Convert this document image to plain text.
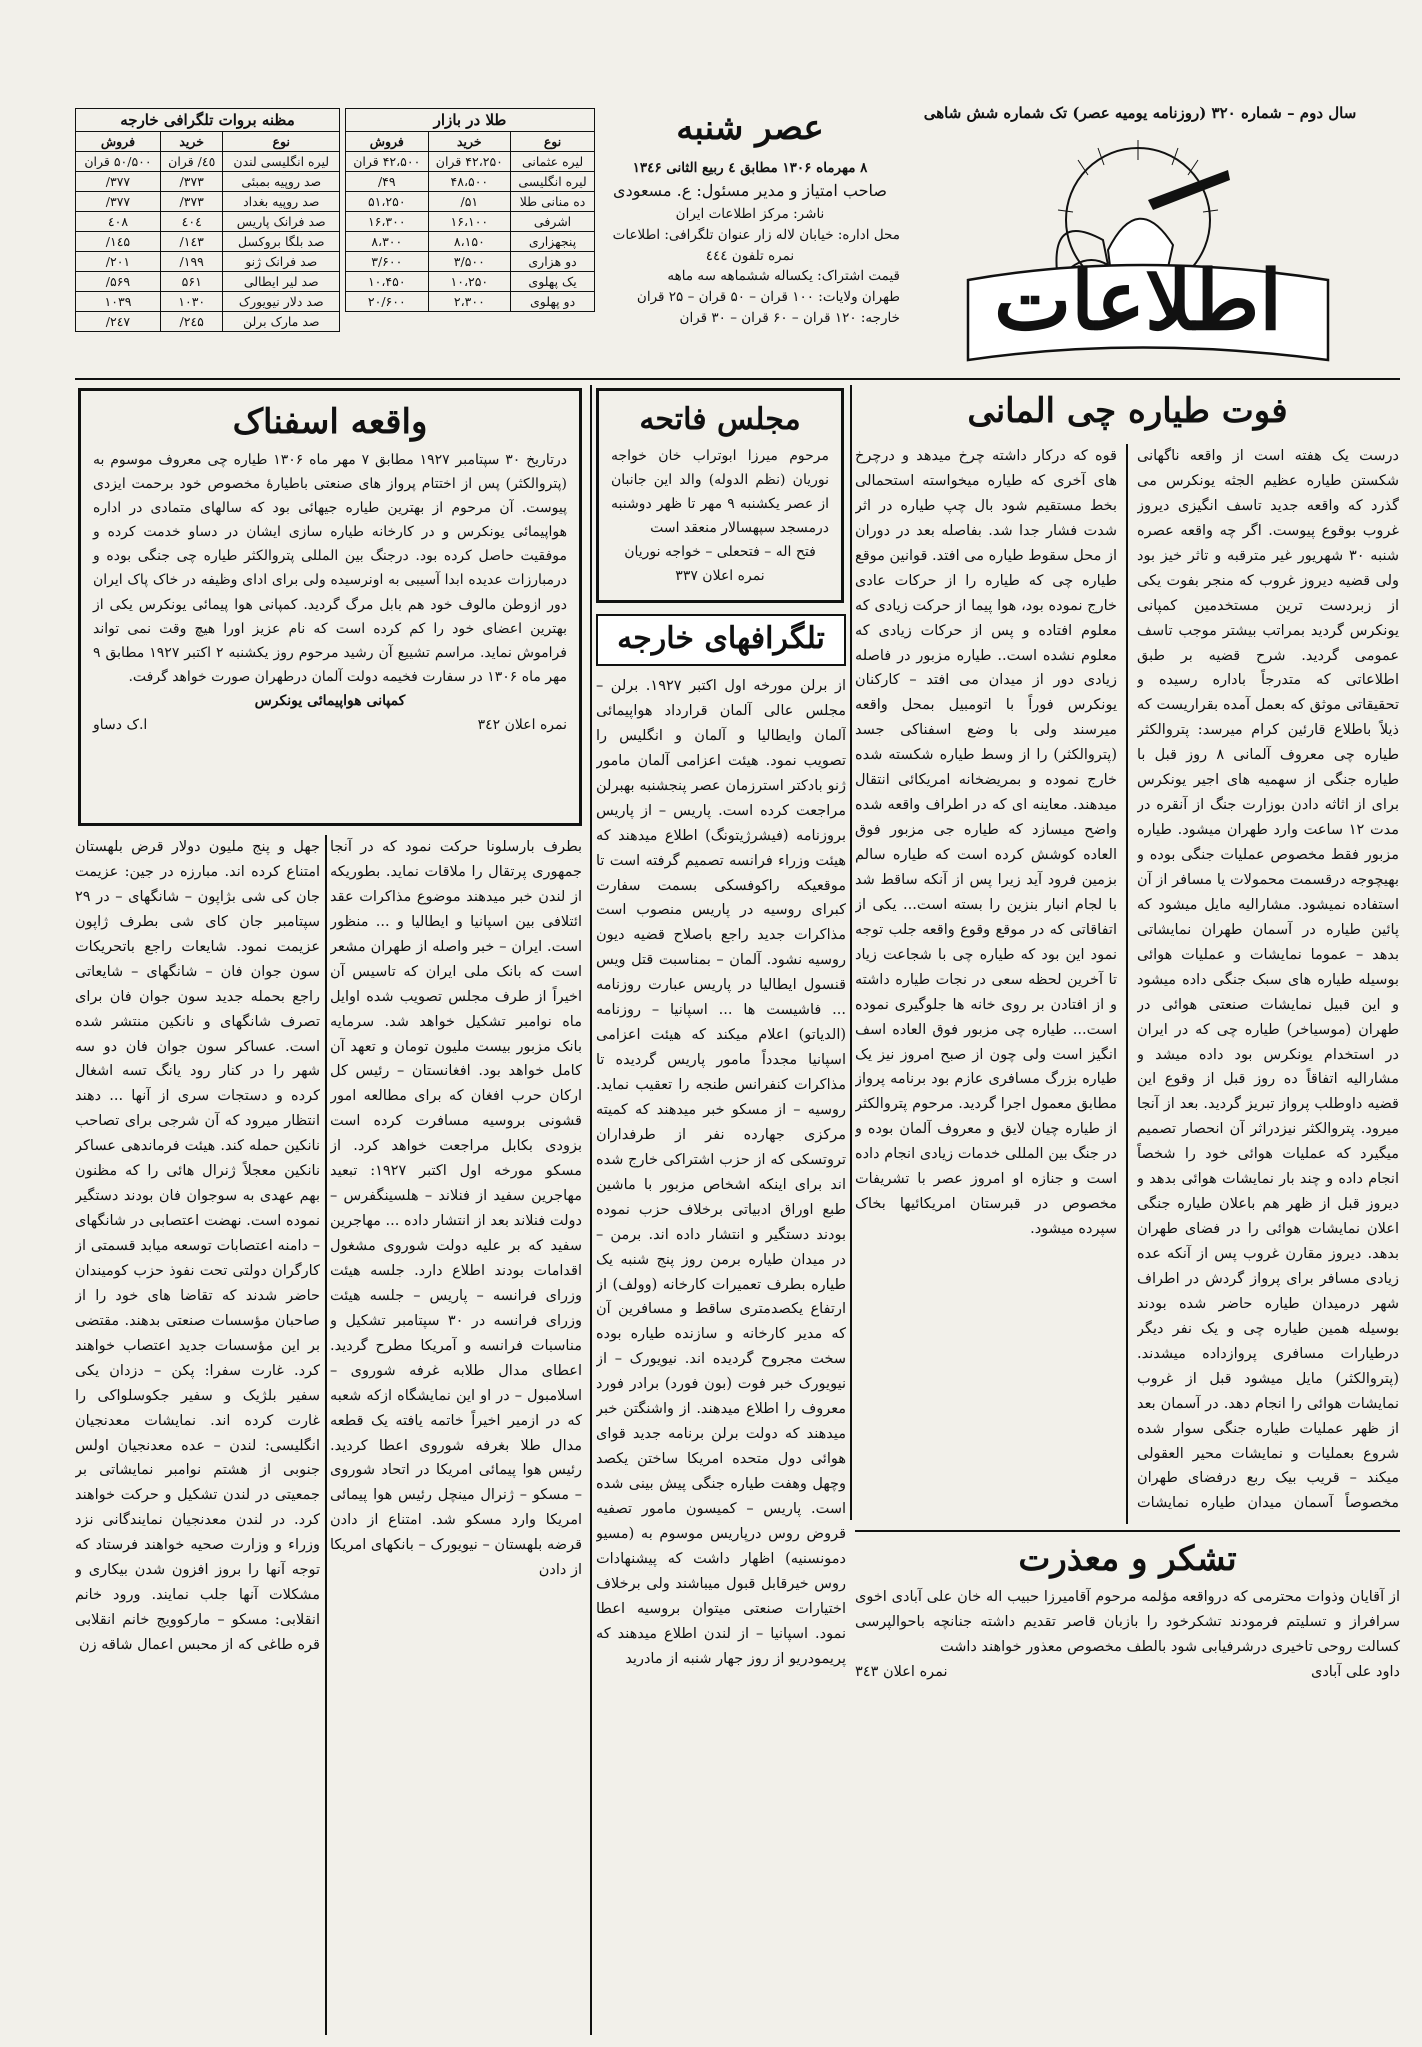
سال دوم – شماره ۳۲۰ (روزنامه یومیه عصر) تک شماره شش شاهی
اطلاعات
عصر شنبه
۸ مهرماه ۱۳۰۶ مطابق ٤ ربیع الثانی ۱۳٤۶
صاحب امتیاز و مدیر مسئول: ع. مسعودی
ناشر: مرکز اطلاعات ایران
محل اداره: خیابان لاله زار عنوان تلگرافی: اطلاعات
نمره تلفون ٤٤٤
قیمت اشتراک: یکساله ششماهه سه ماهه
طهران ولایات: ۱۰۰ قران – ۵۰ قران – ۲۵ قران
خارجه: ۱۲۰ قران – ۶۰ قران – ۳۰ قران
طلا در بازار
نوع	خرید	فروش
لیره عثمانی	۴۲،۲۵۰ قران	۴۲،۵۰۰ قران
لیره انگلیسی	۴۸،۵۰۰	۴۹/
ده منانی طلا	۵۱/	۵۱،۲۵۰
اشرفی	۱۶،۱۰۰	۱۶،۳۰۰
پنجهزاری	۸،۱۵۰	۸،۳۰۰
دو هزاری	۳/۵۰۰	۳/۶۰۰
یک پهلوی	۱۰،۲۵۰	۱۰،۴۵۰
دو پهلوی	۲،۳۰۰	۲۰/۶۰۰
مظنه بروات تلگرافی خارجه
نوع	خرید	فروش
لیره انگلیسی لندن	٤٥/ قران	۵۰/۵۰۰ قران
صد روپیه بمبئی	۳۷۳/	۳۷۷/
صد روپیه بغداد	۳۷۳/	۳۷۷/
صد فرانک پاریس	٤۰٤	٤۰۸
صد بلگا بروکسل	۱٤۳/	۱٤۵/
صد فرانک ژنو	۱۹۹/	۲۰۱/
صد لیر ایطالی	۵۶۱	۵۶۹/
صد دلار نیویورک	۱۰۳۰	۱۰۳۹
صد مارک برلن	۲٤۵/	۲٤۷/
فوت طیاره چی المانی
قوه که درکار داشته چرخ میدهد و درچرخ های آخری که طیاره میخواسته استحمالی بخط مستقیم شود بال چپ طیاره در اثر شدت فشار جدا شد. بفاصله بعد در دوران از محل سقوط طیاره می افتد. قوانین موقع طیاره چی که طیاره را از حرکات عادی خارج نموده بود، هوا پیما از حرکت زیادی که معلوم افتاده و پس از حرکات زیادی که معلوم نشده است.. طیاره مزبور در فاصله زیادی دور از میدان می افتد – کارکنان یونکرس فوراً با اتومبیل بمحل واقعه میرسند ولی با وضع اسفناکی جسد (پتروالکثر) را از وسط طیاره شکسته شده خارج نموده و بمریضخانه امریکائی انتقال میدهند. معاینه ای که در اطراف واقعه شده واضح میسازد که طیاره جی مزبور فوق العاده کوشش کرده است که طیاره سالم بزمین فرود آید زیرا پس از آنکه ساقط شد با لجام انبار بنزین را بسته است... یکی از اتفاقاتی که در موقع وقوع واقعه جلب توجه نمود این بود که طیاره چی با شجاعت زیاد تا آخرین لحظه سعی در نجات طیاره داشته و از افتادن بر روی خانه ها جلوگیری نموده است... طیاره چی مزبور فوق العاده اسف انگیز است ولی چون از صبح امروز نیز یک طیاره بزرگ مسافری عازم بود برنامه پرواز مطابق معمول اجرا گردید. مرحوم پتروالکثر از طیاره چیان لایق و معروف آلمان بوده و در جنگ بین المللی خدمات زیادی انجام داده است و جنازه او امروز عصر با تشریفات مخصوص در قبرستان امریکائیها بخاک سپرده میشود.
درست یک هفته است از واقعه ناگهانی شکستن طیاره عظیم الجثه یونکرس می گذرد که واقعه جدید تاسف انگیزی دیروز غروب بوقوع پیوست. اگر چه واقعه عصره شنبه ۳۰ شهریور غیر مترقبه و تاثر خیز بود ولی قضیه دیروز غروب که منجر بفوت یکی از زبردست ترین مستخدمین کمپانی یونکرس گردید بمراتب بیشتر موجب تاسف عمومی گردید. شرح قضیه بر طبق اطلاعاتی که متدرجاً باداره رسیده و تحقیقاتی موثق که بعمل آمده بقراریست که ذیلاً باطلاع قارئین کرام میرسد: پتروالکثر طیاره چی معروف آلمانی ۸ روز قبل با طیاره جنگی از سهمیه های اجیر یونکرس برای از اثاثه دادن بوزارت جنگ از آنقره در مدت ۱۲ ساعت وارد طهران میشود. طیاره مزبور فقط مخصوص عملیات جنگی بوده و بهیچوجه درقسمت محمولات یا مسافر از آن استفاده نمیشود. مشارالیه مایل میشود که پائین طیاره در آسمان طهران نمایشاتی بدهد – عموما نمایشات و عملیات هوائی بوسیله طیاره های سبک جنگی داده میشود و این قبیل نمایشات صنعتی هوائی در طهران (موسیاخر) طیاره چی که در ایران در استخدام یونکرس بود داده میشد و مشارالیه اتفاقاً ده روز قبل از وقوع این قضیه داوطلب پرواز تبریز گردید. بعد از آنجا میرود. پتروالکثر نیزدراثر آن انحصار تصمیم میگیرد که عملیات هوائی خود را شخصاً انجام داده و چند بار نمایشات هوائی بدهد و دیروز قبل از ظهر هم باعلان طیاره جنگی اعلان نمایشات هوائی را در فضای طهران بدهد. دیروز مقارن غروب پس از آنکه عده زیادی مسافر برای پرواز گردش در اطراف شهر درمیدان طیاره حاضر شده بودند بوسیله همین طیاره چی و یک نفر دیگر درطیارات مسافری پروازداده میشدند. (پتروالکثر) مایل میشود قبل از غروب نمایشات هوائی را انجام دهد. در آسمان بعد از ظهر عملیات طیاره جنگی سوار شده شروع بعملیات و نمایشات محیر العقولی میکند – قریب بیک ربع درفضای طهران مخصوصاً آسمان میدان طیاره نمایشات
مجلس فاتحه
مرحوم میرزا ابوتراب خان خواجه نوریان (نظم الدوله) والد این جانبان از عصر یکشنبه ۹ مهر تا ظهر دوشنبه درمسجد سپهسالار منعقد است
فتح اله – فتحعلی – خواجه نوریان
نمره اعلان ۳۳۷
تلگرافهای خارجه
از برلن مورخه اول اکتبر ۱۹۲۷. برلن – مجلس عالی آلمان قرارداد هواپیمائی آلمان وایطالیا و آلمان و انگلیس را تصویب نمود. هیئت اعزامی آلمان مامور ژنو بادکتر استرزمان عصر پنجشنبه بهبرلن مراجعت کرده است. پاریس – از پاریس بروزنامه (فیشرژیتونگ) اطلاع میدهند که هیئت وزراء فرانسه تصمیم گرفته است تا موقعیکه راکوفسکی بسمت سفارت کبرای روسیه در پاریس منصوب است مذاکرات جدید راجع باصلاح قضیه دیون روسیه نشود. آلمان – بمناسبت قتل ویس قنسول ایطالیا در پاریس عبارت روزنامه ... فاشیست ها ... اسپانیا – روزنامه (الدیاتو) اعلام میکند که هیئت اعزامی اسپانیا مجدداً مامور پاریس گردیده تا مذاکرات کنفرانس طنجه را تعقیب نماید. روسیه – از مسکو خبر میدهند که کمیته مرکزی جهارده نفر از طرفداران تروتسکی که از حزب اشتراکی خارج شده اند برای اینکه اشخاص مزبور با ماشین طبع اوراق ادبیاتی برخلاف حزب نموده بودند دستگیر و انتشار داده اند. برمن – در میدان طیاره برمن روز پنج شنبه یک طیاره بطرف تعمیرات کارخانه (وولف) از ارتفاع یکصدمتری ساقط و مسافرین آن که مدیر کارخانه و سازنده طیاره بوده سخت مجروح گردیده اند. نیویورک – از نیویورک خبر فوت (بون فورد) برادر فورد معروف را اطلاع میدهند. از واشنگتن خبر میدهند که دولت برلن برنامه جدید قوای هوائی دول متحده امریکا ساختن یکصد وچهل وهفت طیاره جنگی پیش بینی شده است. پاریس – کمیسون مامور تصفیه قروض روس درپاریس موسوم به (مسیو دمونسنیه) اظهار داشت که پیشنهادات روس خیرقابل قبول میباشند ولی برخلاف اختیارات صنعتی میتوان بروسیه اعطا نمود. اسپانیا – از لندن اطلاع میدهند که پریمودریو از روز جهار شنبه از مادرید
واقعه اسفناک
درتاریخ ۳۰ سپتامبر ۱۹۲۷ مطابق ۷ مهر ماه ۱۳۰۶ طیاره چی معروف موسوم به (پتروالکثر) پس از اختتام پرواز های صنعتی باطیارهٔ مخصوص خود برحمت ایزدی پیوست. آن مرحوم از بهترین طیاره جیهائی بود که سالهای متمادی در اداره هواپیمائی یونکرس و در کارخانه طیاره سازی ایشان در دساو خدمت کرده و موفقیت حاصل کرده بود. درجنگ بین المللی پتروالکثر طیاره چی جنگی بوده و درمبارزات عدیده ابدا آسیبی به اونرسیده ولی برای ادای وظیفه در خاک پاک ایران دور ازوطن مالوف خود هم بابل مرگ گردید. کمپانی هوا پیمائی یونکرس یکی از بهترین اعضای خود را کم کرده است که نام عزیز اورا هیچ وقت نمی تواند فراموش نماید. مراسم تشییع آن رشید مرحوم روز یکشنبه ۲ اکتبر ۱۹۲۷ مطابق ۹ مهر ماه ۱۳۰۶ در سفارت فخیمه دولت آلمان درطهران صورت خواهد گرفت.
کمپانی هواپیمائی یونکرس
نمره اعلان ۳٤۲
ا.ک دساو
بطرف بارسلونا حرکت نمود که در آنجا جمهوری پرتقال را ملاقات نماید. بطوریکه از لندن خبر میدهند موضوع مذاکرات عقد ائتلافی بین اسپانیا و ایطالیا و ... منظور است. ایران – خبر واصله از طهران مشعر است که بانک ملی ایران که تاسیس آن اخیراً از طرف مجلس تصویب شده اوایل ماه نوامبر تشکیل خواهد شد. سرمایه بانک مزبور بیست ملیون تومان و تعهد آن کامل خواهد بود. افغانستان – رئیس کل ارکان حرب افغان که برای مطالعه امور قشونی بروسیه مسافرت کرده است بزودی بکابل مراجعت خواهد کرد. از مسکو مورخه اول اکتبر ۱۹۲۷: تبعید مهاجرین سفید از فنلاند – هلسینگفرس – دولت فنلاند بعد از انتشار داده ... مهاجرین سفید که بر علیه دولت شوروی مشغول اقدامات بودند اطلاع دارد. جلسه هیئت وزرای فرانسه – پاریس – جلسه هیئت وزرای فرانسه در ۳۰ سپتامبر تشکیل و مناسبات فرانسه و آمریکا مطرح گردید. اعطای مدال طلابه غرفه شوروی – اسلامبول – در او این نمایشگاه ازکه شعبه که در ازمیر اخیراً خاتمه یافته یک قطعه مدال طلا بغرفه شوروی اعطا کردید. رئیس هوا پیمائی امریکا در اتحاد شوروی – مسکو – ژنرال مینچل رئیس هوا پیمائی امریکا وارد مسکو شد. امتناع از دادن قرضه بلهستان – نیویورک – بانکهای امریکا از دادن
جهل و پنج ملیون دولار قرض بلهستان امتناع کرده اند. مبارزه در جین: عزیمت جان کی شی بژاپون – شانگهای – در ۲۹ سپتامبر جان کای شی بطرف ژاپون عزیمت نمود. شایعات راجع باتحریکات سون جوان فان – شانگهای – شایعاتی راجع بحمله جدید سون جوان فان برای تصرف شانگهای و نانکین منتشر شده است. عساکر سون جوان فان دو سه شهر را در کنار رود یانگ تسه اشغال کرده و دستجات سری از آنها ... دهند انتظار میرود که آن شرجی برای تصاحب نانکین حمله کند. هیئت فرماندهی عساکر نانکین معجلاً ژنرال هائی را که مظنون بهم عهدی به سوجوان فان بودند دستگیر نموده است. نهضت اعتصابی در شانگهای – دامنه اعتصابات توسعه میابد قسمتی از کارگران دولتی تحت نفوذ حزب کومیندان حاضر شدند که تقاضا های خود را از صاحبان مؤسسات صنعتی بدهند. مقتضی بر این مؤسسات جدید اعتصاب خواهند کرد. غارت سفرا: پکن – دزدان یکی سفیر بلژیک و سفیر جکوسلواکی را غارت کرده اند. نمایشات معدنجیان انگلیسی: لندن – عده معدنجیان اولس جنوبی از هشتم نوامبر نمایشاتی بر جمعیتی در لندن تشکیل و حرکت خواهند کرد. در لندن معدنجیان نمایندگانی نزد وزراء و وزارت صحیه خواهند فرستاد که توجه آنها را بروز افزون شدن بیکاری و مشکلات آنها جلب نمایند. ورود خانم انقلابی: مسکو – مارکوویج خانم انقلابی قره طاغی که از محبس اعمال شاقه زن
تشکر و معذرت
از آقایان وذوات محترمی که درواقعه مؤلمه مرحوم آقامیرزا حبیب اله خان علی آبادی اخوی سرافراز و تسلیتم فرمودند تشکرخود را بازبان قاصر تقدیم داشته جنانچه باحوالپرسی کسالت روحی تاخیری درشرفیابی شود بالطف مخصوص معذور خواهند داشت
داود علی آبادی
نمره اعلان ۳٤۳
